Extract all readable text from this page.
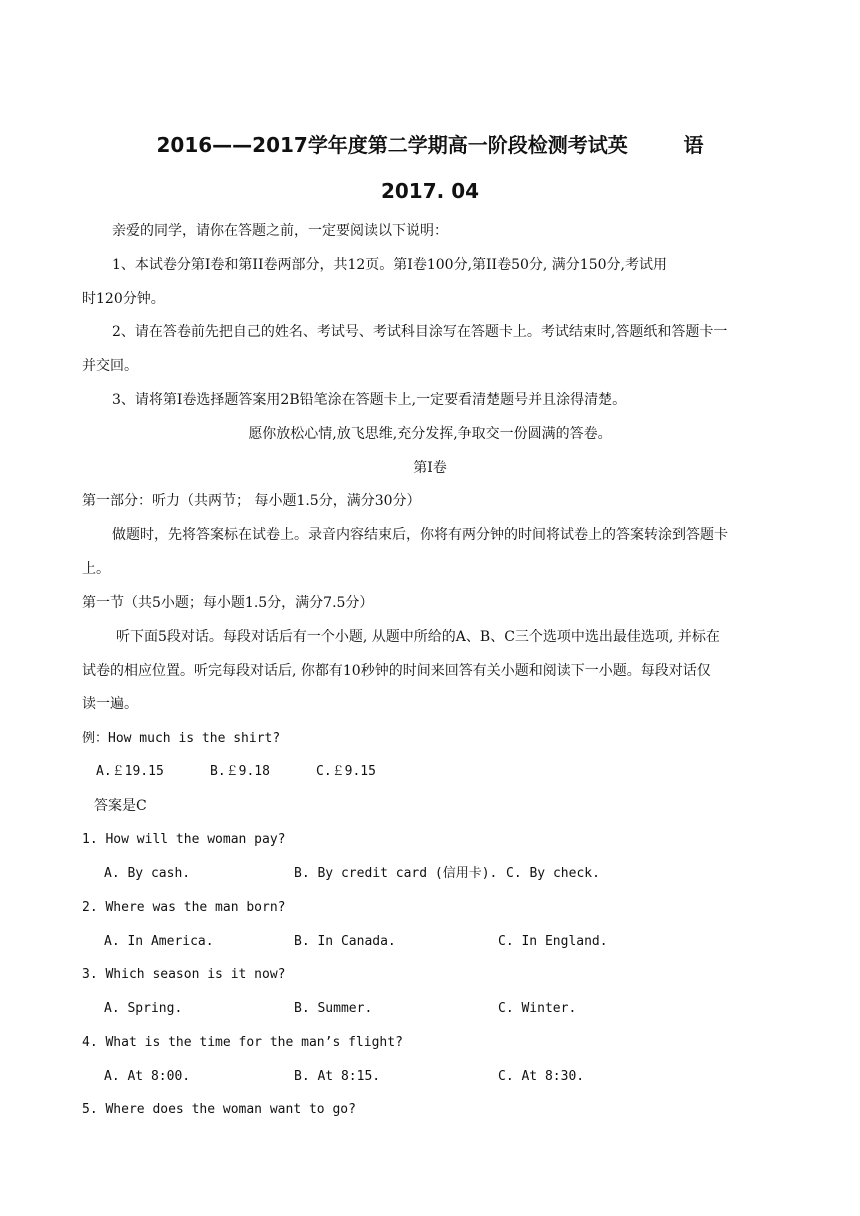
2016——2017学年度第二学期高一阶段检测考试英        语
2017. 04
亲爱的同学，请你在答题之前，一定要阅读以下说明：
1、本试卷分第Ⅰ卷和第II卷两部分，共12页。第Ⅰ卷100分,第II卷50分, 满分150分,考试用
时120分钟。
2、请在答卷前先把自己的姓名、考试号、考试科目涂写在答题卡上。考试结束时,答题纸和答题卡一
并交回。
3、请将第Ⅰ卷选择题答案用2B铅笔涂在答题卡上,一定要看清楚题号并且涂得清楚。
愿你放松心情,放飞思维,充分发挥,争取交一份圆满的答卷。
第Ⅰ卷
第一部分：听力（共两节； 每小题1.5分，满分30分）
做题时，先将答案标在试卷上。录音内容结束后，你将有两分钟的时间将试卷上的答案转涂到答题卡
上。
第一节（共5小题；每小题1.5分，满分7.5分）
听下面5段对话。每段对话后有一个小题, 从题中所给的A、B、C三个选项中选出最佳选项, 并标在
试卷的相应位置。听完每段对话后, 你都有10秒钟的时间来回答有关小题和阅读下一小题。每段对话仅
读一遍。
例：How much is the shirt?
A.￡19.15	B.￡9.18	C.￡9.15
答案是C
1. How will the woman pay?
A. By cash.	B. By credit card (信用卡). C. By check.
2. Where was the man born?
A. In America.	B. In Canada.	C. In England.
3. Which season is it now?
A. Spring.	B. Summer.	C. Winter.
4. What is the time for the man’s flight?
A. At 8:00.	B. At 8:15.	C. At 8:30.
5. Where does the woman want to go?
